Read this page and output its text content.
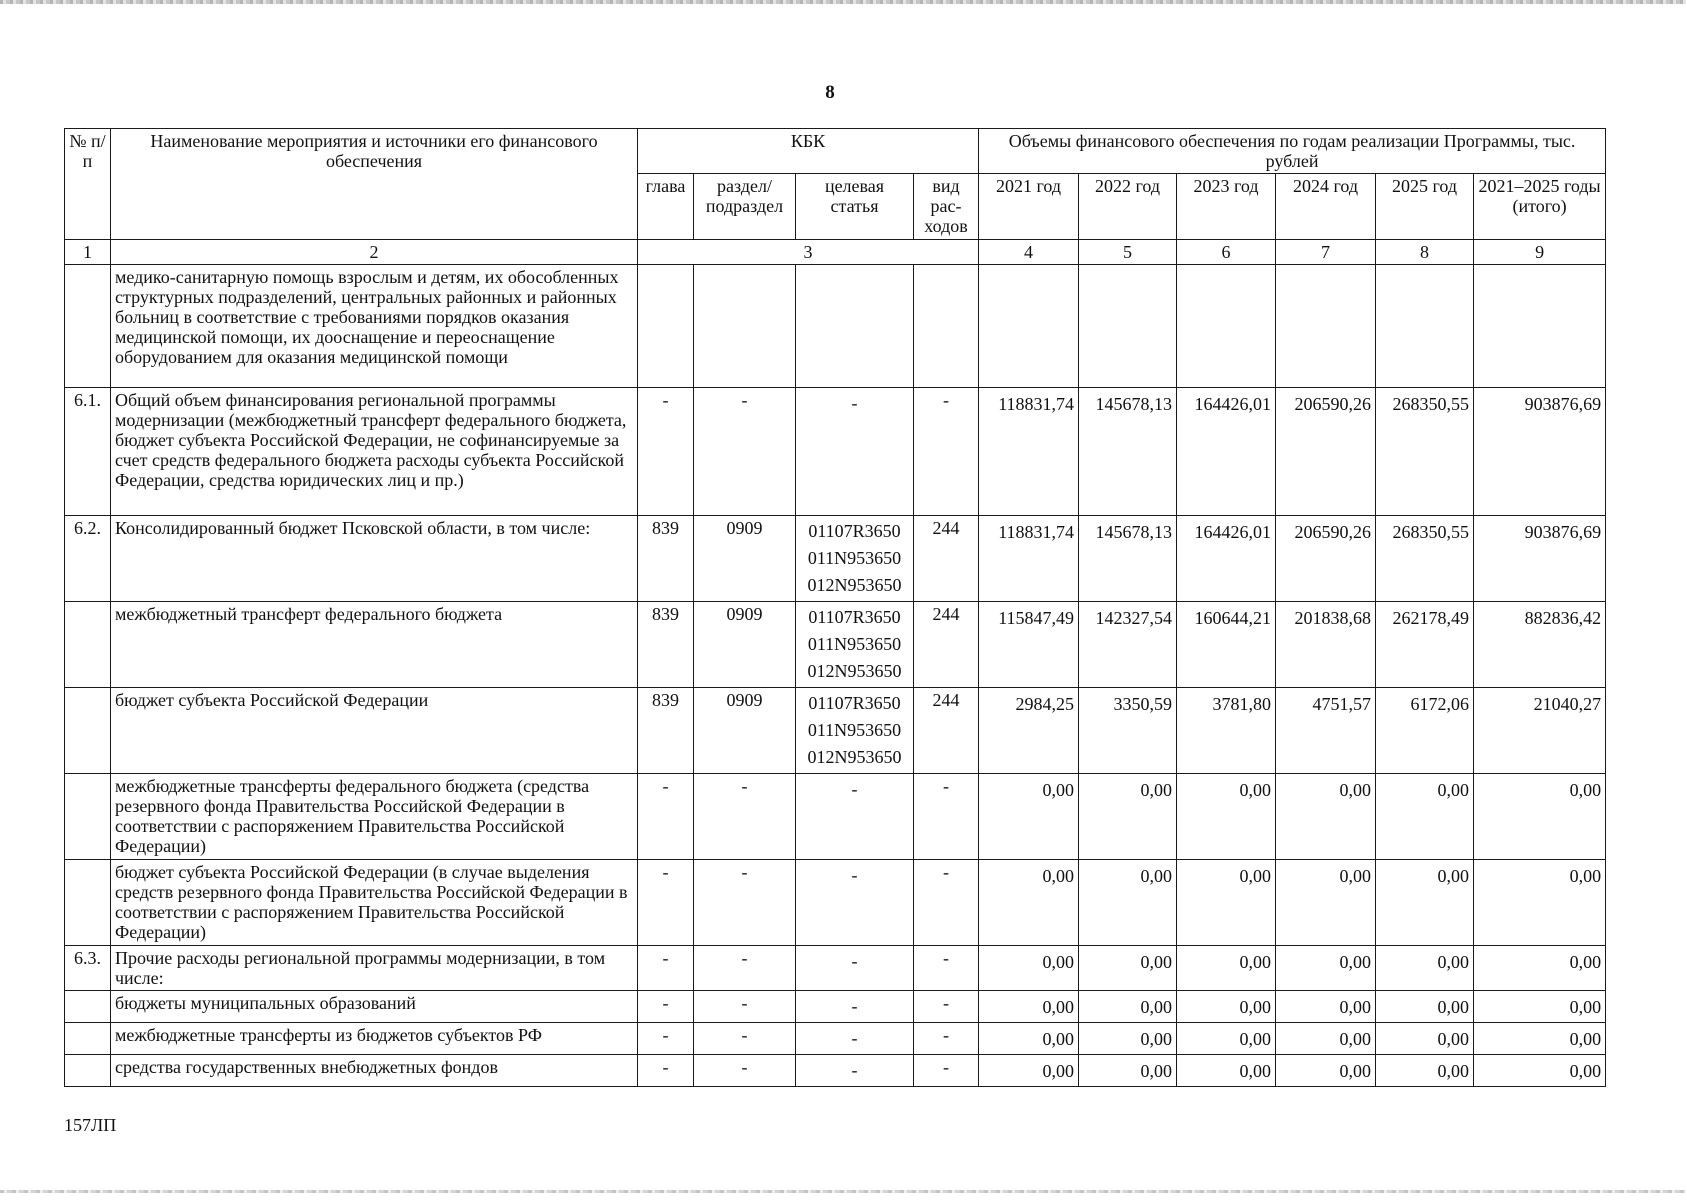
8
№ п/п	Наименование мероприятия и источники его финансового обеспечения	КБК				Объемы финансового обеспечения по годам реализации Программы, тыс. рублей					
		глава	раздел/ подраздел	целевая статья	вид рас-ходов	2021 год	2022 год	2023 год	2024 год	2025 год	2021–2025 годы (итого)
1	2	3				4	5	6	7	8	9
	медико-санитарную помощь взрослым и детям, их обособленных структурных подразделений, центральных районных и районных больниц в соответствие с требованиями порядков оказания медицинской помощи, их дооснащение и переоснащение оборудованием для оказания медицинской помощи										
6.1.	Общий объем финансирования региональной программы модернизации (межбюджетный трансферт федерального бюджета, бюджет субъекта Российской Федерации, не софинансируемые за счет средств федерального бюджета расходы субъекта Российской Федерации, средства юридических лиц и пр.)	-	-	-	-	118831,74	145678,13	164426,01	206590,26	268350,55	903876,69
6.2.	Консолидированный бюджет Псковской области, в том числе:	839	0909	01107R3650
011N953650
012N953650	244	118831,74	145678,13	164426,01	206590,26	268350,55	903876,69
	межбюджетный трансферт федерального бюджета	839	0909	01107R3650
011N953650
012N953650	244	115847,49	142327,54	160644,21	201838,68	262178,49	882836,42
	бюджет субъекта Российской Федерации	839	0909	01107R3650
011N953650
012N953650	244	2984,25	3350,59	3781,80	4751,57	6172,06	21040,27
	межбюджетные трансферты федерального бюджета (средства резервного фонда Правительства Российской Федерации в соответствии с распоряжением Правительства Российской Федерации)	-	-	-	-	0,00	0,00	0,00	0,00	0,00	0,00
	бюджет субъекта Российской Федерации (в случае выделения средств резервного фонда Правительства Российской Федерации в соответствии с распоряжением Правительства Российской Федерации)	-	-	-	-	0,00	0,00	0,00	0,00	0,00	0,00
6.3.	Прочие расходы региональной программы модернизации, в том числе:	-	-	-	-	0,00	0,00	0,00	0,00	0,00	0,00
	бюджеты муниципальных образований	-	-	-	-	0,00	0,00	0,00	0,00	0,00	0,00
	межбюджетные трансферты из бюджетов субъектов РФ	-	-	-	-	0,00	0,00	0,00	0,00	0,00	0,00
	средства государственных внебюджетных фондов	-	-	-	-	0,00	0,00	0,00	0,00	0,00	0,00
157ЛП
